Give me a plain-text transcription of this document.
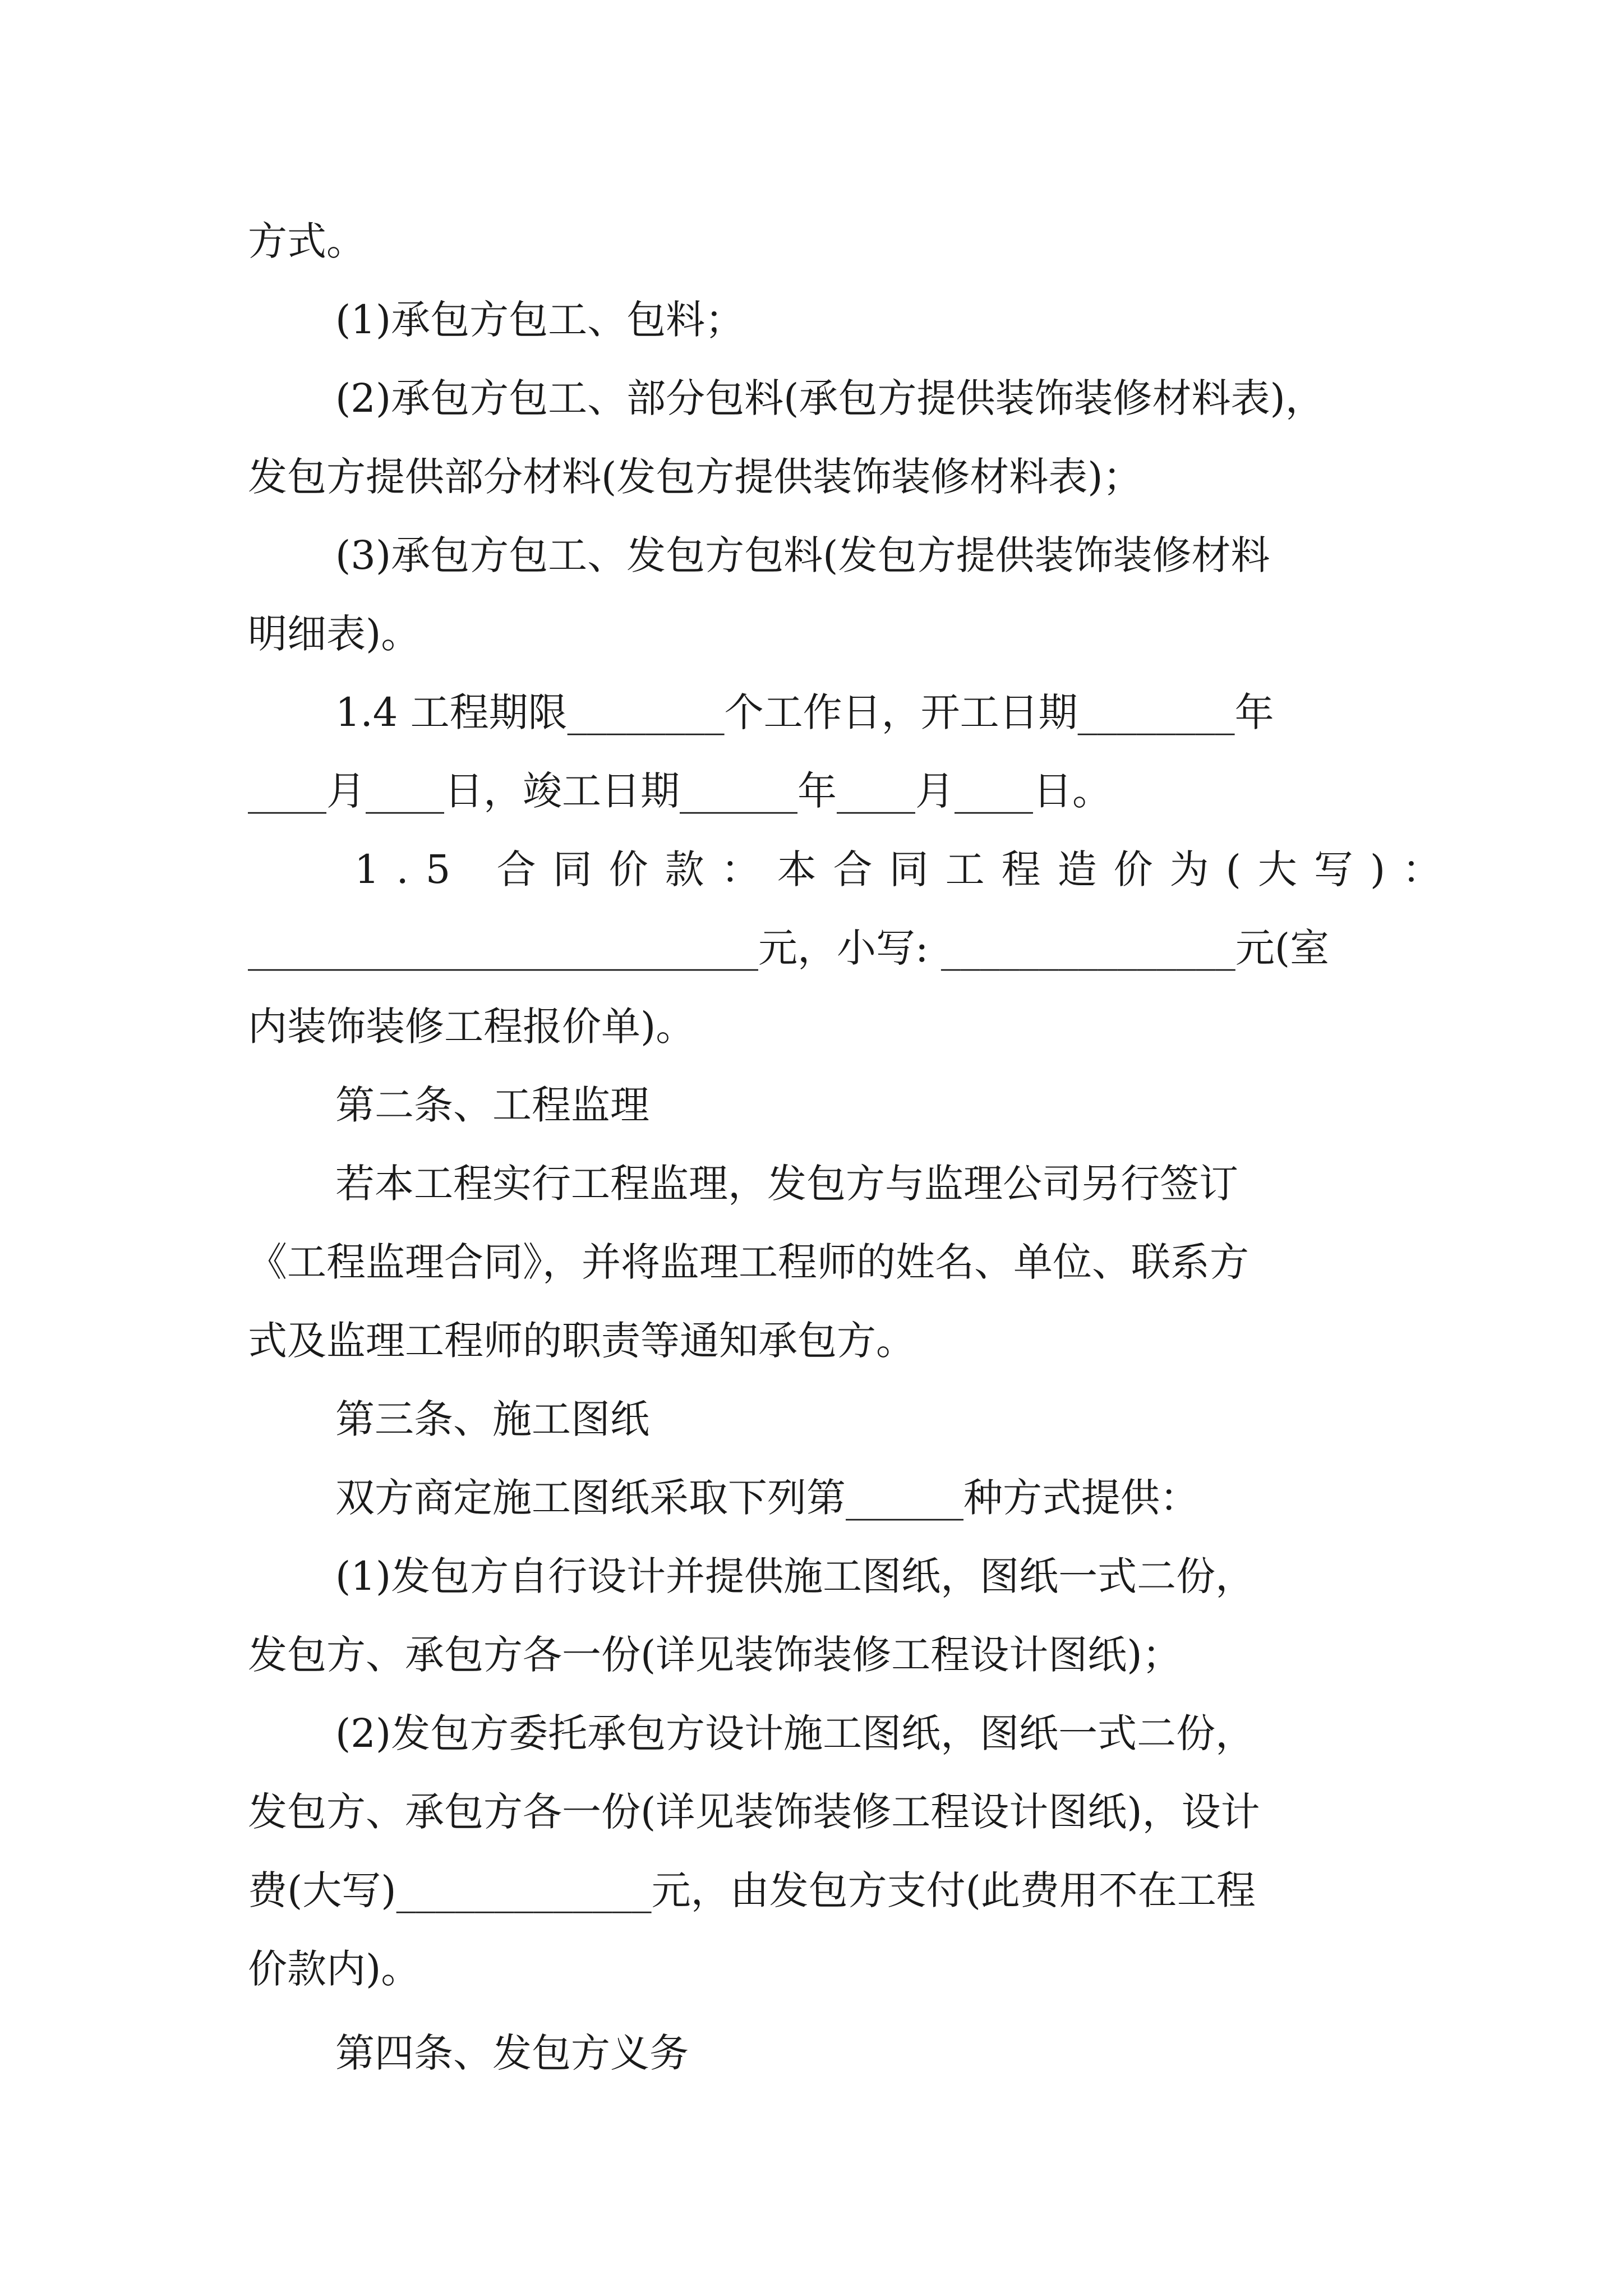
方式。
(1)承包方包工、包料；
(2)承包方包工、部分包料(承包方提供装饰装修材料表)，
发包方提供部分材料(发包方提供装饰装修材料表)；
(3)承包方包工、发包方包料(发包方提供装饰装修材料
明细表)。
1.4 工程期限________个工作日，开工日期________年
____月____日，竣工日期______年____月____日。
1.5 合同价款：本合同工程造价为(大写)：
__________________________元，小写: _______________元(室
内装饰装修工程报价单)。
第二条、工程监理
若本工程实行工程监理，发包方与监理公司另行签订
《工程监理合同》，并将监理工程师的姓名、单位、联系方
式及监理工程师的职责等通知承包方。
第三条、施工图纸
双方商定施工图纸采取下列第______种方式提供：
(1)发包方自行设计并提供施工图纸，图纸一式二份，
发包方、承包方各一份(详见装饰装修工程设计图纸)；
(2)发包方委托承包方设计施工图纸，图纸一式二份，
发包方、承包方各一份(详见装饰装修工程设计图纸)，设计
费(大写)_____________元，由发包方支付(此费用不在工程
价款内)。
第四条、发包方义务
